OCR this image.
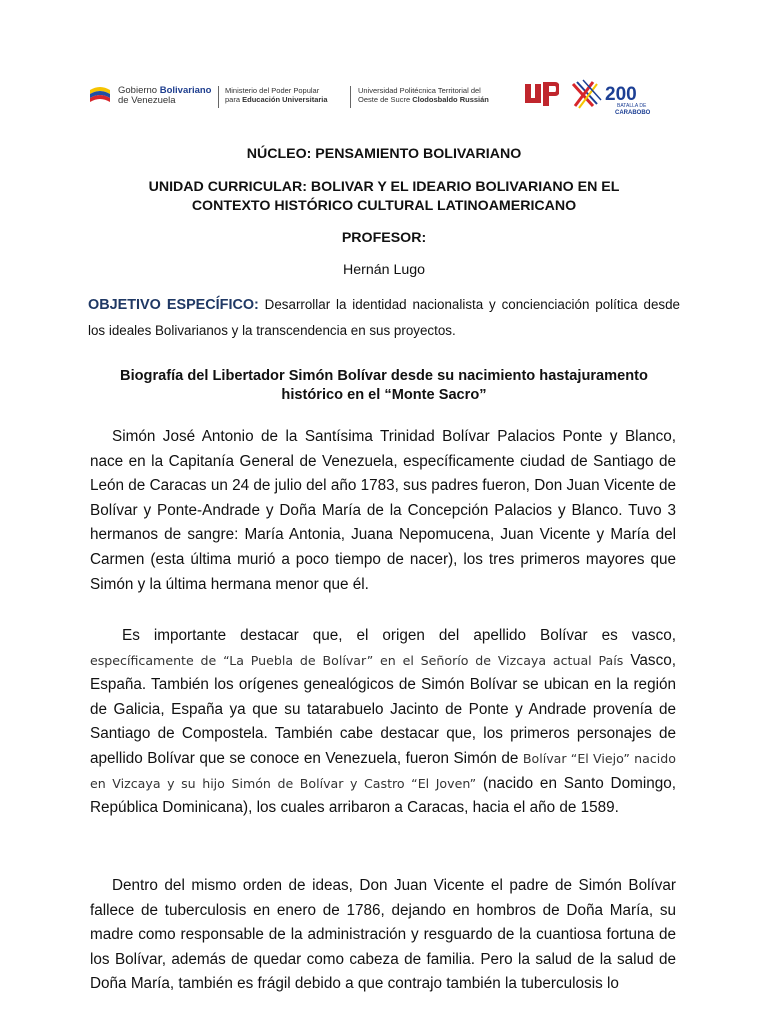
Gobierno Bolivariano
de Venezuela
Ministerio del Poder Popular
para Educación Universitaria
Universidad Politécnica Territorial del
Oeste de Sucre Clodosbaldo Russián	200
BATALLA DE
CARABOBO
NÚCLEO: PENSAMIENTO BOLIVARIANO
UNIDAD CURRICULAR: BOLIVAR Y EL IDEARIO BOLIVARIANO EN EL
CONTEXTO HISTÓRICO CULTURAL LATINOAMERICANO
PROFESOR:
Hernán Lugo
OBJETIVO ESPECÍFICO: Desarrollar la identidad nacionalista y concienciación política desde los ideales Bolivarianos y la transcendencia en sus proyectos.
Biografía del Libertador Simón Bolívar desde su nacimiento hastajuramento
histórico en el “Monte Sacro”
Simón José Antonio de la Santísima Trinidad Bolívar Palacios Ponte y Blanco, nace en la Capitanía General de Venezuela, específicamente ciudad de Santiago de León de Caracas un 24 de julio del año 1783, sus padres fueron, Don Juan Vicente de Bolívar y Ponte-Andrade y Doña María de la Concepción Palacios y Blanco. Tuvo 3 hermanos de sangre: María Antonia, Juana Nepomucena, Juan Vicente y María del Carmen (esta última murió a poco tiempo de nacer), los tres primeros mayores que Simón y la última hermana menor que él.
Es importante destacar que, el origen del apellido Bolívar es vasco, específicamente de “La Puebla de Bolívar” en el Señorío de Vizcaya actual País Vasco, España. También los orígenes genealógicos de Simón Bolívar se ubican en la región de Galicia, España ya que su tatarabuelo Jacinto de Ponte y Andrade provenía de Santiago de Compostela. También cabe destacar que, los primeros personajes de apellido Bolívar que se conoce en Venezuela, fueron Simón de Bolívar “El Viejo” nacido en Vizcaya y su hijo Simón de Bolívar y Castro “El Joven” (nacido en Santo Domingo, República Dominicana), los cuales arribaron a Caracas, hacia el año de 1589.
Dentro del mismo orden de ideas, Don Juan Vicente el padre de Simón Bolívar fallece de tuberculosis en enero de 1786, dejando en hombros de Doña María, su madre como responsable de la administración y resguardo de la cuantiosa fortuna de los Bolívar, además de quedar como cabeza de familia. Pero la salud de la salud de Doña María, también es frágil debido a que contrajo también la tuberculosis lo
